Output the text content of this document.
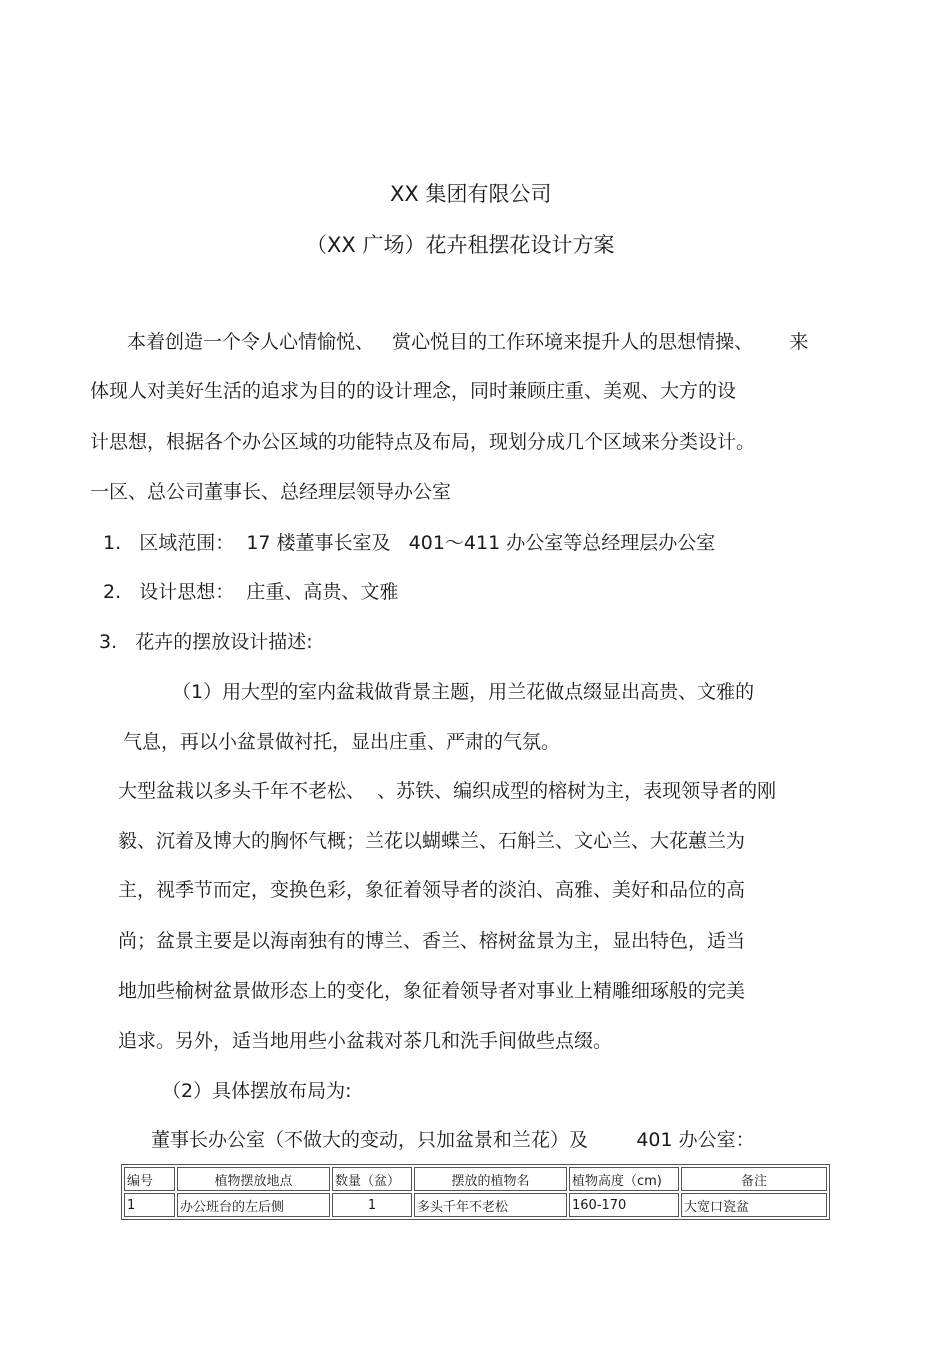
XX 集团有限公司
（XX 广场）花卉租摆花设计方案
本着创造一个令人心情愉悦、   赏心悦目的工作环境来提升人的思想情操、      来
体现人对美好生活的追求为目的的设计理念，同时兼顾庄重、美观、大方的设
计思想，根据各个办公区域的功能特点及布局，现划分成几个区域来分类设计。
一区、总公司董事长、总经理层领导办公室
1.   区域范围：  17 楼董事长室及   401～411 办公室等总经理层办公室
2.   设计思想：  庄重、高贵、文雅
3.   花卉的摆放设计描述:
（1）用大型的室内盆栽做背景主题，用兰花做点缀显出高贵、文雅的
气息，再以小盆景做衬托，显出庄重、严肃的气氛。
大型盆栽以多头千年不老松、  、苏铁、编织成型的榕树为主，表现领导者的刚
毅、沉着及博大的胸怀气概；兰花以蝴蝶兰、石斛兰、文心兰、大花蕙兰为
主，视季节而定，变换色彩，象征着领导者的淡泊、高雅、美好和品位的高
尚；盆景主要是以海南独有的博兰、香兰、榕树盆景为主，显出特色，适当
地加些榆树盆景做形态上的变化，象征着领导者对事业上精雕细琢般的完美
追求。另外，适当地用些小盆栽对茶几和洗手间做些点缀。
（2）具体摆放布局为:
董事长办公室（不做大的变动，只加盆景和兰花）及        401 办公室：
编号	植物摆放地点	数量（盆）	摆放的植物名	植物高度（cm)	备注
1	办公班台的左后侧	1	多头千年不老松	160-170	大宽口瓷盆
